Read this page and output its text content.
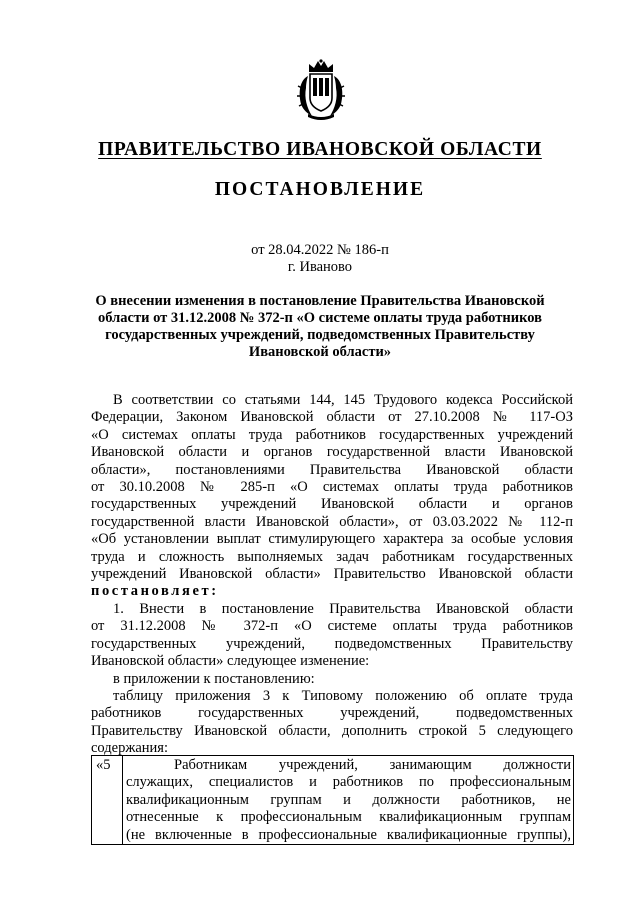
ПРАВИТЕЛЬСТВО ИВАНОВСКОЙ ОБЛАСТИ
ПОСТАНОВЛЕНИЕ
от 28.04.2022 № 186-п
г. Иваново
О внесении изменения в постановление Правительства Ивановской области от 31.12.2008 № 372-п «О системе оплаты труда работников государственных учреждений, подведомственных Правительству Ивановской области»

В соответствии со статьями 144, 145 Трудового кодекса Российской

Федерации, Законом Ивановской области от 27.10.2008 № 117-ОЗ

«О системах оплаты труда работников государственных учреждений

Ивановской области и органов государственной власти Ивановской

области», постановлениями Правительства Ивановской области

от 30.10.2008 № 285-п «О системах оплаты труда работников

государственных учреждений Ивановской области и органов

государственной власти Ивановской области», от 03.03.2022 № 112-п

«Об установлении выплат стимулирующего характера за особые условия

труда и сложность выполняемых задач работникам государственных

учреждений Ивановской области» Правительство Ивановской области

постановляет:

1. Внести в постановление Правительства Ивановской области

от 31.12.2008 № 372-п «О системе оплаты труда работников

государственных учреждений, подведомственных Правительству

Ивановской области» следующее изменение:

в приложении к постановлению:

таблицу приложения 3 к Типовому положению об оплате труда

работников государственных учреждений, подведомственных

Правительству Ивановской области, дополнить строкой 5 следующего

содержания:

«5	Работникам учреждений, занимающим должности

служащих, специалистов и работников по профессиональным

квалификационным группам и должности работников, не

отнесенные к профессиональным квалификационным группам

(не включенные в профессиональные квалификационные группы),
